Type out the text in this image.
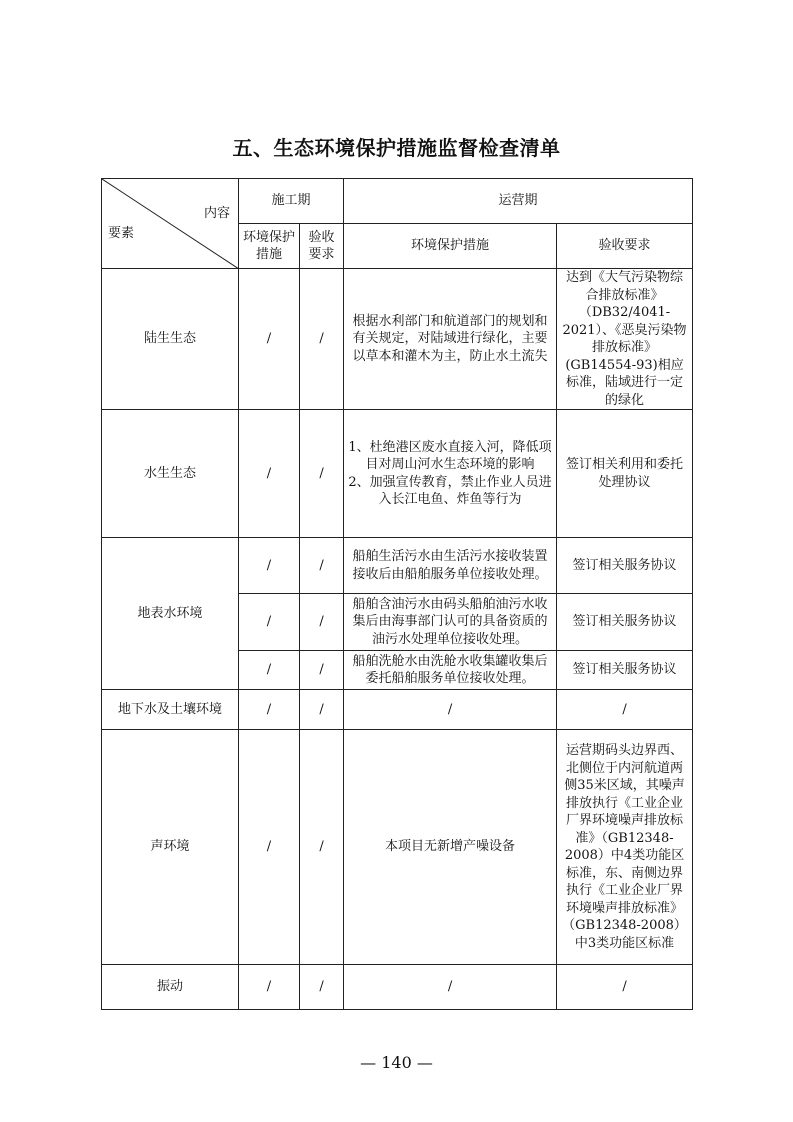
五、生态环境保护措施监督检查清单
内容
要素	施工期		运营期	
	环境保护措施	验收要求	环境保护措施	验收要求
陆生生态	/	/	根据水利部门和航道部门的规划和有关规定，对陆域进行绿化，主要以草本和灌木为主，防止水土流失	达到《大气污染物综合排放标准》（DB32/4041-2021）、《恶臭污染物排放标准》(GB14554-93)相应标准，陆域进行一定的绿化
水生生态	/	/	1、杜绝港区废水直接入河，降低项目对周山河水生态环境的影响
2、加强宣传教育，禁止作业人员进入长江电鱼、炸鱼等行为	签订相关利用和委托处理协议
地表水环境	/	/	船舶生活污水由生活污水接收装置接收后由船舶服务单位接收处理。	签订相关服务协议
	/	/	船舶含油污水由码头船舶油污水收集后由海事部门认可的具备资质的油污水处理单位接收处理。	签订相关服务协议
	/	/	船舶洗舱水由洗舱水收集罐收集后委托船舶服务单位接收处理。	签订相关服务协议
地下水及土壤环境	/	/	/	/
声环境	/	/	本项目无新增产噪设备	运营期码头边界西、北侧位于内河航道两侧35米区域，其噪声排放执行《工业企业厂界环境噪声排放标准》（GB12348-2008）中4类功能区标准，东、南侧边界执行《工业企业厂界环境噪声排放标准》（GB12348-2008）中3类功能区标准
振动	/	/	/	/
— 140 —
